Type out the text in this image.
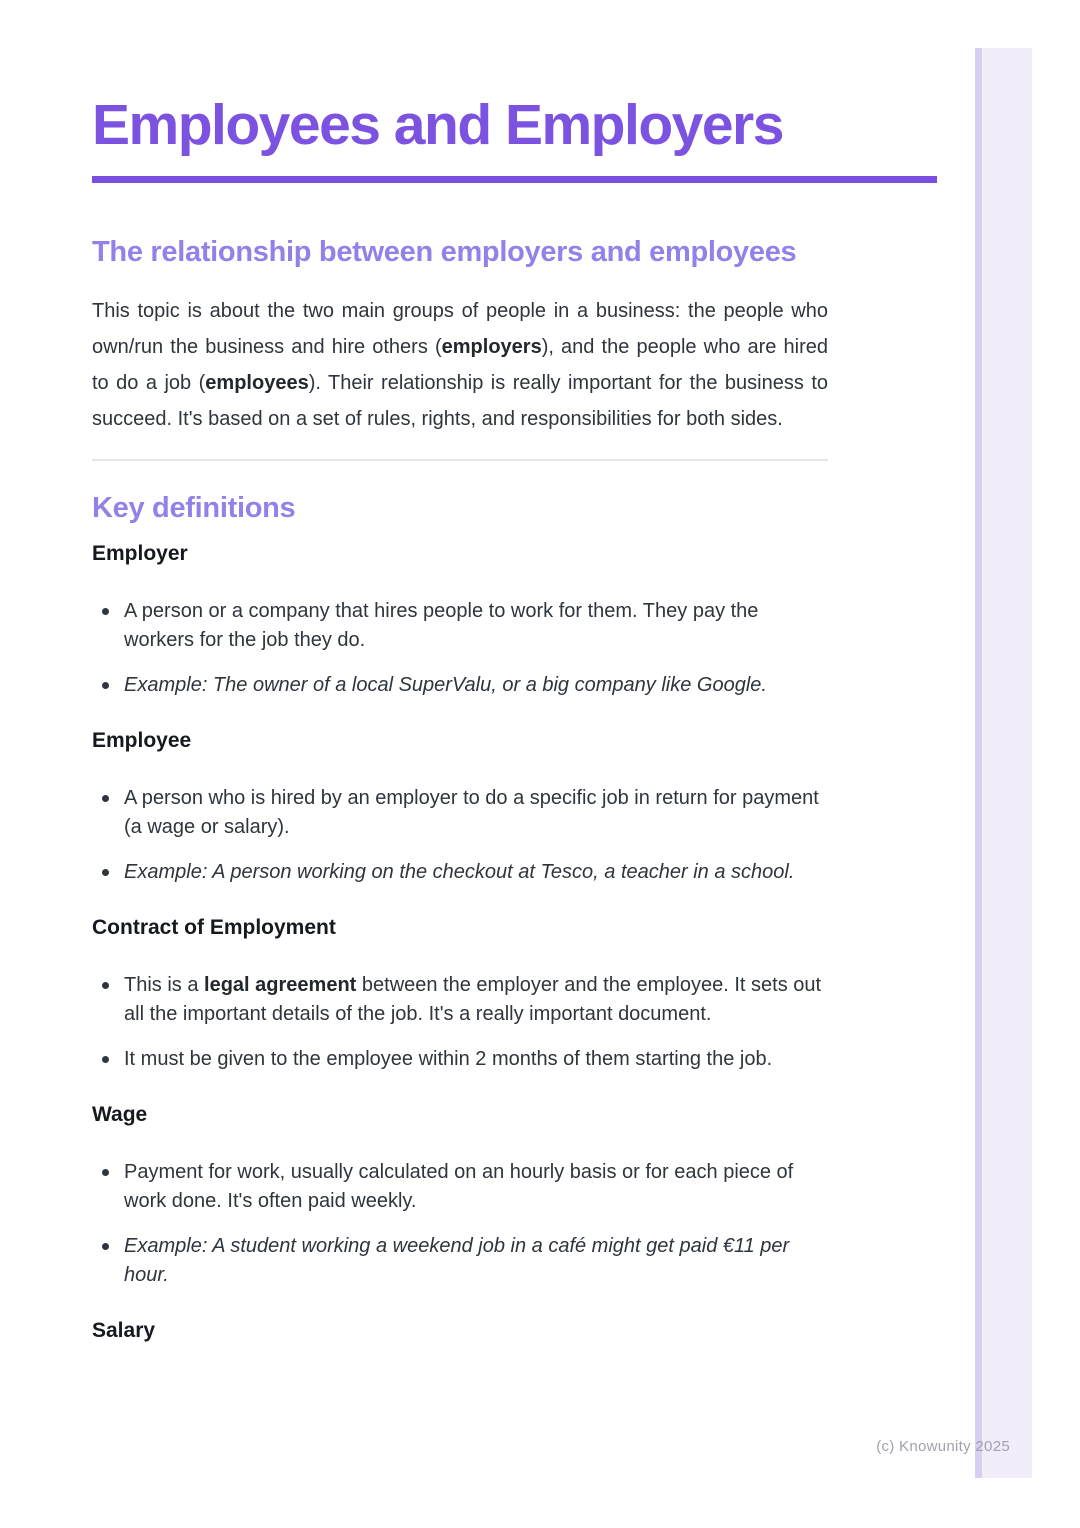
Employees and Employers
The relationship between employers and employees

This topic is about the two main groups of people in a business: the people who own/run the business and hire others (employers), and the people who are hired to do a job (employees). Their relationship is really important for the business to succeed. It's based on a set of rules, rights, and responsibilities for both sides.

Key definitions
Employer
A person or a company that hires people to work for them. They pay the workers for the job they do.
Example: The owner of a local SuperValu, or a big company like Google.
Employee
A person who is hired by an employer to do a specific job in return for payment (a wage or salary).
Example: A person working on the checkout at Tesco, a teacher in a school.
Contract of Employment
This is a legal agreement between the employer and the employee. It sets out all the important details of the job. It's a really important document.
It must be given to the employee within 2 months of them starting the job.
Wage
Payment for work, usually calculated on an hourly basis or for each piece of work done. It's often paid weekly.
Example: A student working a weekend job in a café might get paid €11 per hour.
Salary
(c) Knowunity 2025
